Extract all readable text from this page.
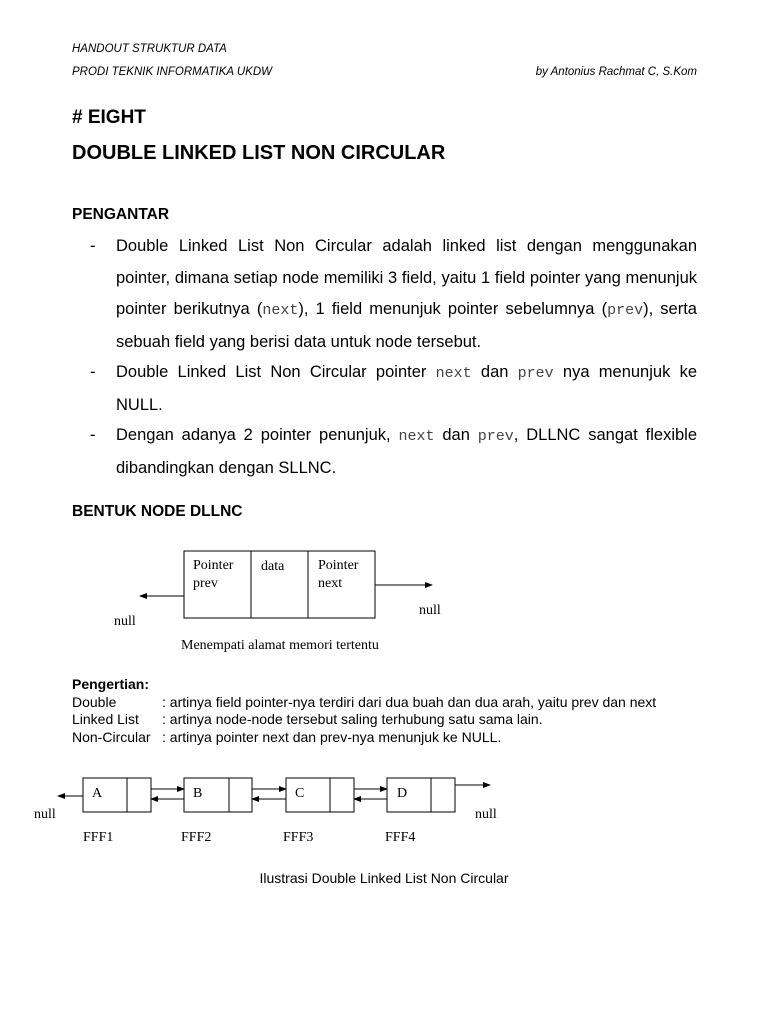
HANDOUT STRUKTUR DATA
PRODI TEKNIK INFORMATIKA UKDW	by Antonius Rachmat C, S.Kom
# EIGHT
DOUBLE LINKED LIST NON CIRCULAR
PENGANTAR
- Double Linked List Non Circular adalah linked list dengan menggunakan pointer, dimana setiap node memiliki 3 field, yaitu 1 field pointer yang menunjuk pointer berikutnya (next), 1 field menunjuk pointer sebelumnya (prev), serta sebuah field yang berisi data untuk node tersebut.
- Double Linked List Non Circular pointer next dan prev nya menunjuk ke NULL.
- Dengan adanya 2 pointer penunjuk, next dan prev, DLLNC sangat flexible dibandingkan dengan SLLNC.
BENTUK NODE DLLNC
Pointer
prev
data Pointer
next
null
null
Menempati alamat memori tertentu
Pengertian:
Double	: artinya field pointer-nya terdiri dari dua buah dan dua arah, yaitu prev dan next
Linked List : artinya node-node tersebut saling terhubung satu sama lain.
Non-Circular : artinya pointer next dan prev-nya menunjuk ke NULL.
A
FFF1
B
FFF2
C
FFF3
D
FFF4
null	null
Ilustrasi Double Linked List Non Circular
